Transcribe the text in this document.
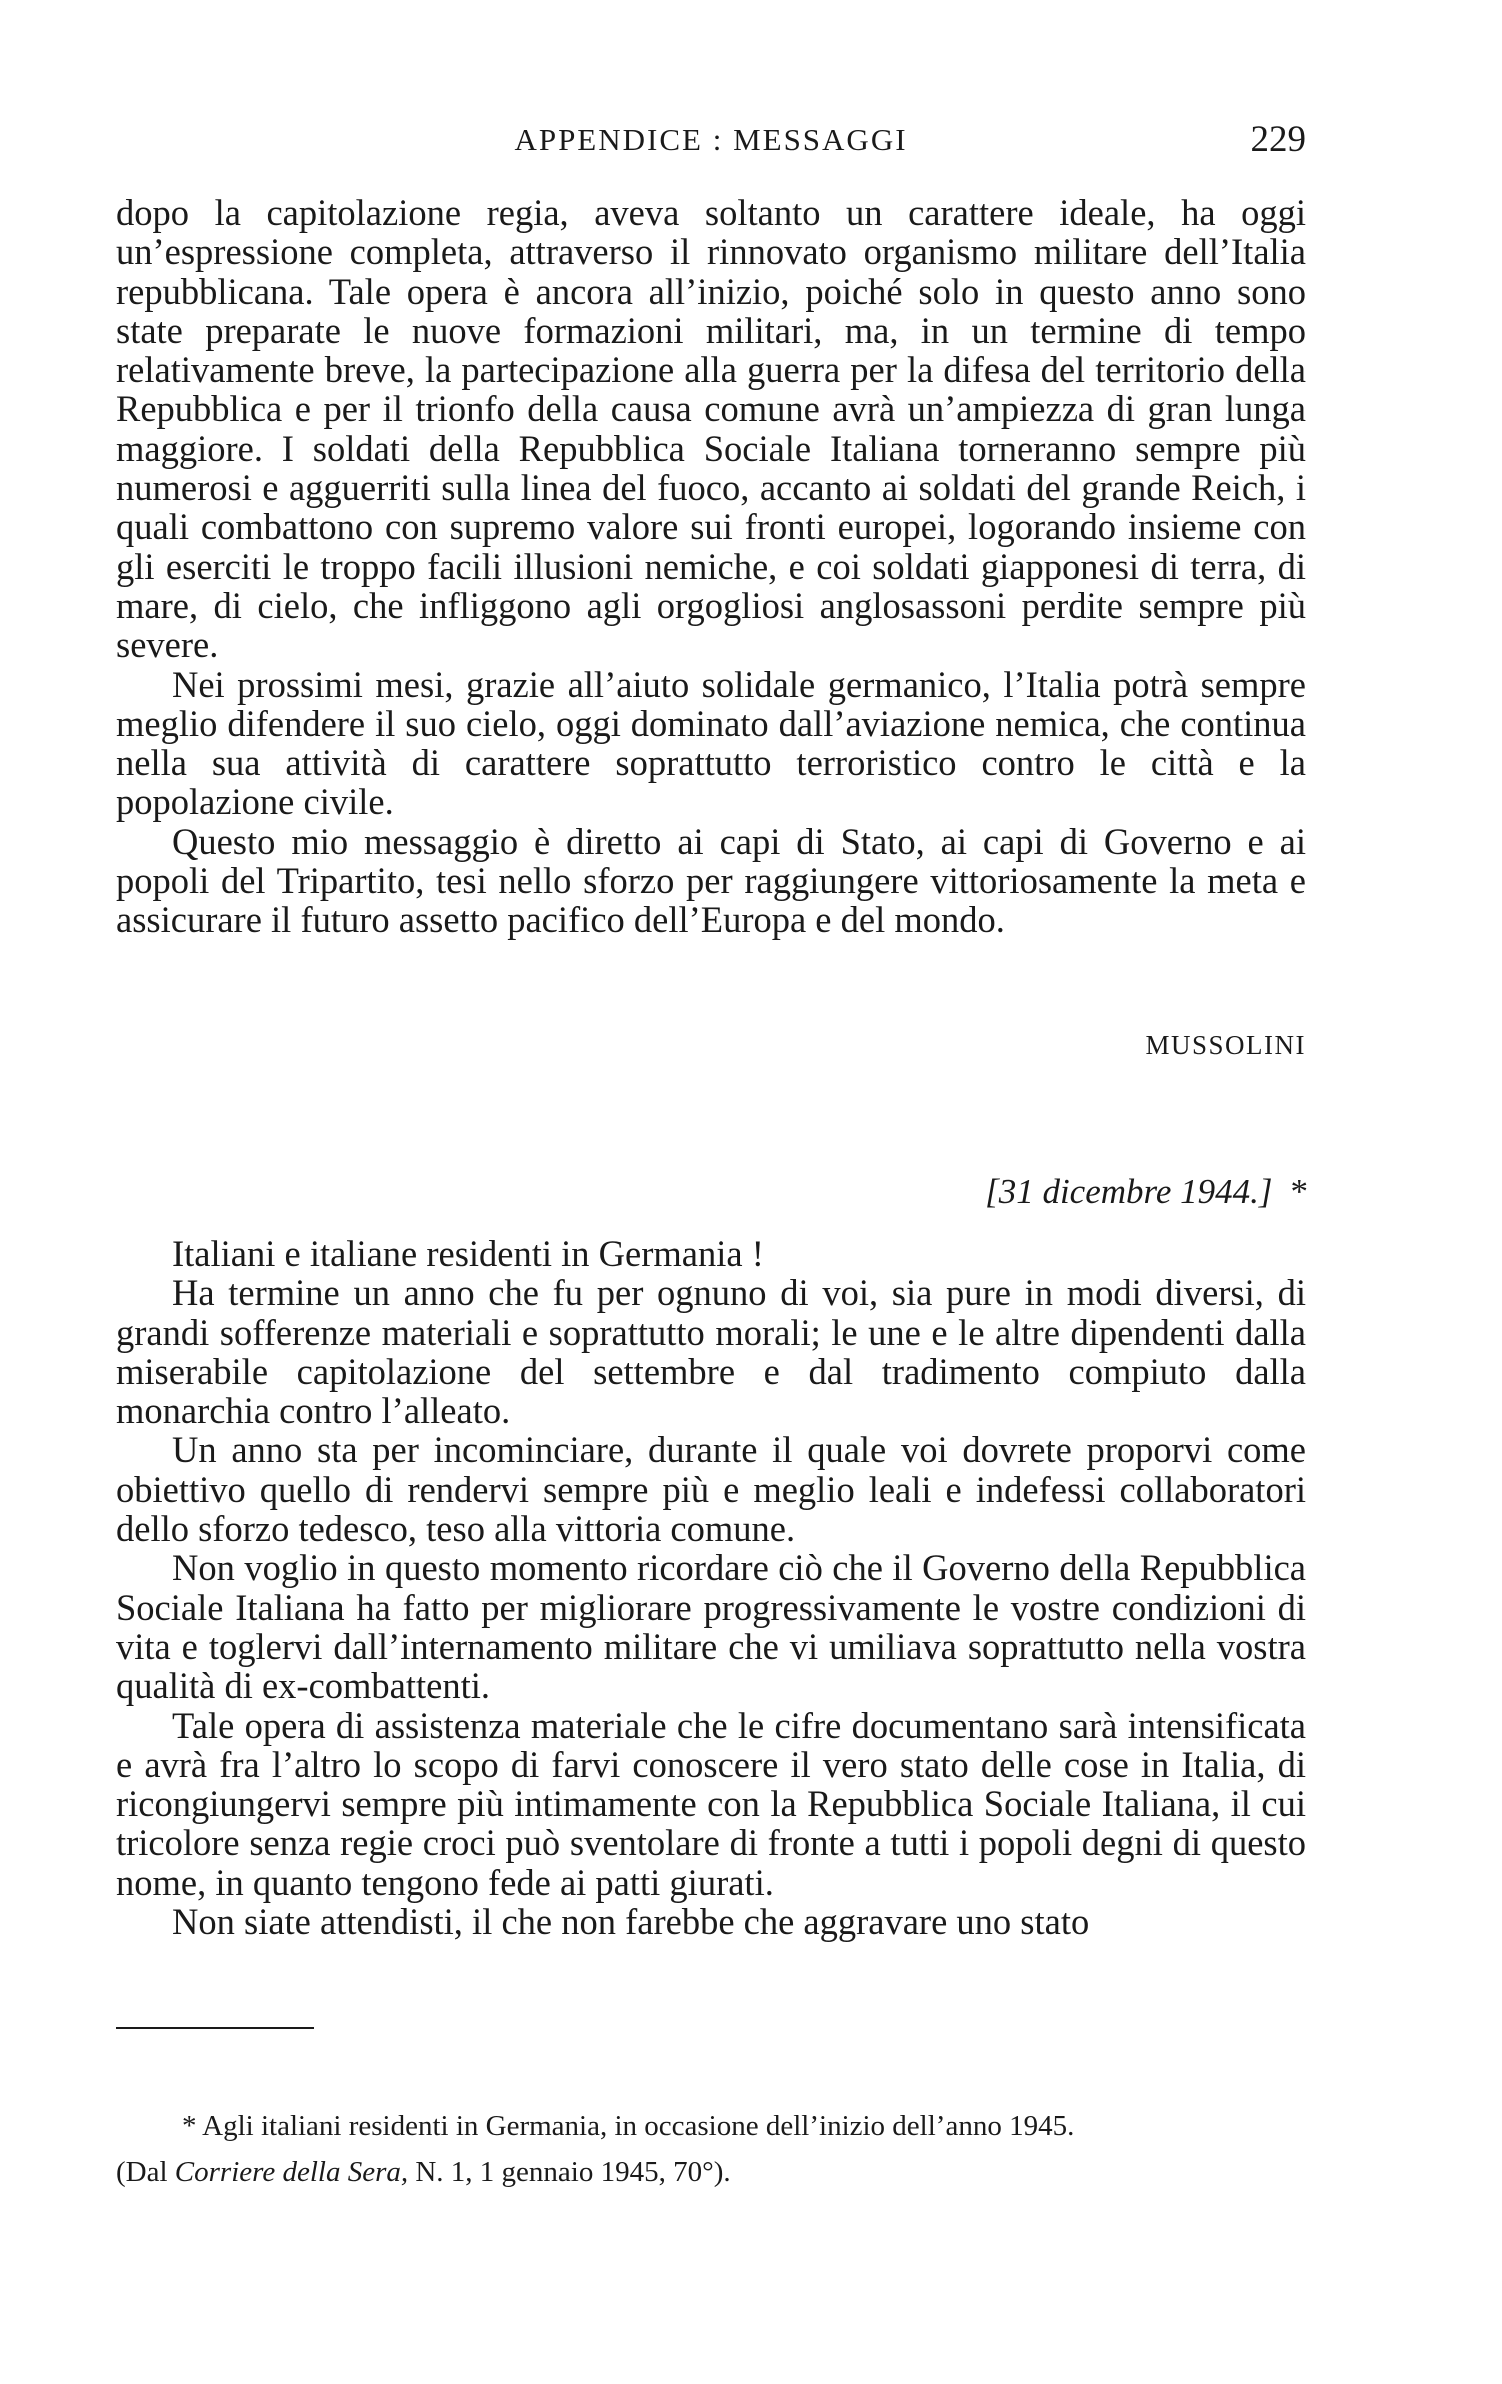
APPENDICE : MESSAGGI	229

dopo la capitolazione regia, aveva soltanto un carattere ideale, ha oggi un’espressione completa, attraverso il rinnovato organismo militare dell’Italia repubblicana. Tale opera è ancora all’inizio, poiché solo in questo anno sono state preparate le nuove formazioni militari, ma, in un termine di tempo relativamente breve, la partecipazione alla guerra per la difesa del territorio della Repubblica e per il trionfo della causa comune avrà un’ampiezza di gran lunga maggiore. I soldati della Repubblica Sociale Italiana torneranno sempre più numerosi e agguerriti sulla linea del fuoco, accanto ai soldati del grande Reich, i quali combattono con supremo valore sui fronti europei, logorando insieme con gli eserciti le troppo facili illusioni nemiche, e coi soldati giapponesi di terra, di mare, di cielo, che infliggono agli orgogliosi anglosassoni perdite sempre più severe.

Nei prossimi mesi, grazie all’aiuto solidale germanico, l’Italia potrà sempre meglio difendere il suo cielo, oggi dominato dall’aviazione nemica, che continua nella sua attività di carattere soprattutto terroristico contro le città e la popolazione civile.

Questo mio messaggio è diretto ai capi di Stato, ai capi di Governo e ai popoli del Tripartito, tesi nello sforzo per raggiungere vittoriosamente la meta e assicurare il futuro assetto pacifico dell’Europa e del mondo.

MUSSOLINI
[31 dicembre 1944.] *

Italiani e italiane residenti in Germania !

Ha termine un anno che fu per ognuno di voi, sia pure in modi diversi, di grandi sofferenze materiali e soprattutto morali; le une e le altre dipendenti dalla miserabile capitolazione del settembre e dal tradimento compiuto dalla monarchia contro l’alleato.

Un anno sta per incominciare, durante il quale voi dovrete proporvi come obiettivo quello di rendervi sempre più e meglio leali e indefessi collaboratori dello sforzo tedesco, teso alla vittoria comune.

Non voglio in questo momento ricordare ciò che il Governo della Repubblica Sociale Italiana ha fatto per migliorare progressivamente le vostre condizioni di vita e toglervi dall’internamento militare che vi umiliava soprattutto nella vostra qualità di ex-combattenti.

Tale opera di assistenza materiale che le cifre documentano sarà intensificata e avrà fra l’altro lo scopo di farvi conoscere il vero stato delle cose in Italia, di ricongiungervi sempre più intimamente con la Repubblica Sociale Italiana, il cui tricolore senza regie croci può sventolare di fronte a tutti i popoli degni di questo nome, in quanto tengono fede ai patti giurati.

Non siate attendisti, il che non farebbe che aggravare uno stato

* Agli italiani residenti in Germania, in occasione dell’inizio dell’anno 1945.

(Dal Corriere della Sera, N. 1, 1 gennaio 1945, 70°).
